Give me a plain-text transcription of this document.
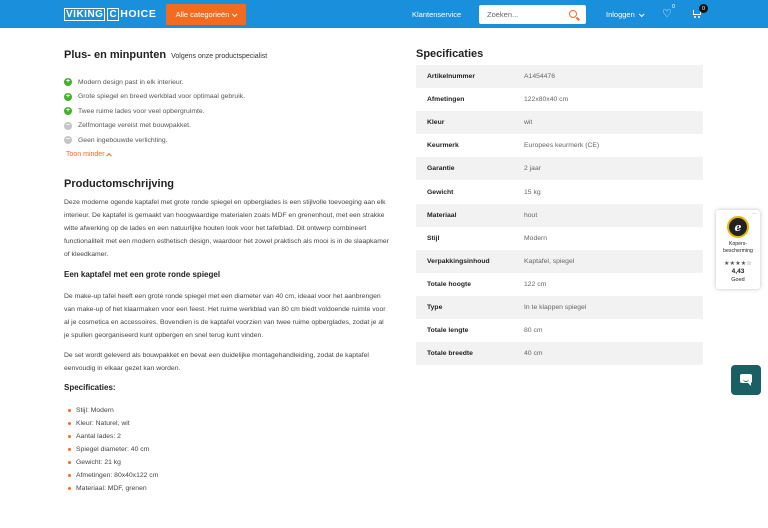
VIKING C HOICE	Alle categorieën	Klantenservice
Zoeken...	Inloggen ♡
0	0
Plus- en minpunten Volgens onze productspecialist
+ Modern design past in elk interieur.
+ Grote spiegel en breed werkblad voor optimaal gebruik.
+ Twee ruime lades voor veel opbergruimte.
− Zelfmontage vereist met bouwpakket.
− Geen ingebouwde verlichting.
Toon minder
Productomschrijving

Deze moderne ogende kaptafel met grote ronde spiegel en opberglades is een stijlvolle toevoeging aan elk interieur. De kaptafel is gemaakt van hoogwaardige materialen zoals MDF en grenenhout, met een strakke witte afwerking op de lades en een natuurlijke houten look voor het tafelblad. Dit ontwerp combineert functionaliteit met een modern esthetisch design, waardoor het zowel praktisch als mooi is in de slaapkamer of kleedkamer.

Een kaptafel met een grote ronde spiegel

De make-up tafel heeft een grote ronde spiegel met een diameter van 40 cm, ideaal voor het aanbrengen van make-up of het klaarmaken voor een feest. Het ruime werkblad van 80 cm biedt voldoende ruimte voor al je cosmetica en accessoires. Bovendien is de kaptafel voorzien van twee ruime opberglades, zodat je al je spullen georganiseerd kunt opbergen en snel terug kunt vinden.

De set wordt geleverd als bouwpakket en bevat een duidelijke montagehandleiding, zodat de kaptafel eenvoudig in elkaar gezet kan worden.

Specificaties:
Stijl: Modern
Kleur: Naturel, wit
Aantal lades: 2
Spiegel diameter: 40 cm
Gewicht: 21 kg
Afmetingen: 80x40x122 cm
Materiaal: MDF, grenen
Specificaties
Artikelnummer	A1454476
Afmetingen	122x80x40 cm
Kleur	wit
Keurmerk	Europees keurmerk (CE)
Garantie	2 jaar
Gewicht	15 kg
Materiaal	hout
Stijl	Modern
Verpakkingsinhoud	Kaptafel, spiegel
Totale hoogte	122 cm
Type	In te klappen spiegel
Totale lengte	80 cm
Totale breedte	40 cm
⋯
e
Kopers-bescherming
★★★★☆
4,43
Goed
